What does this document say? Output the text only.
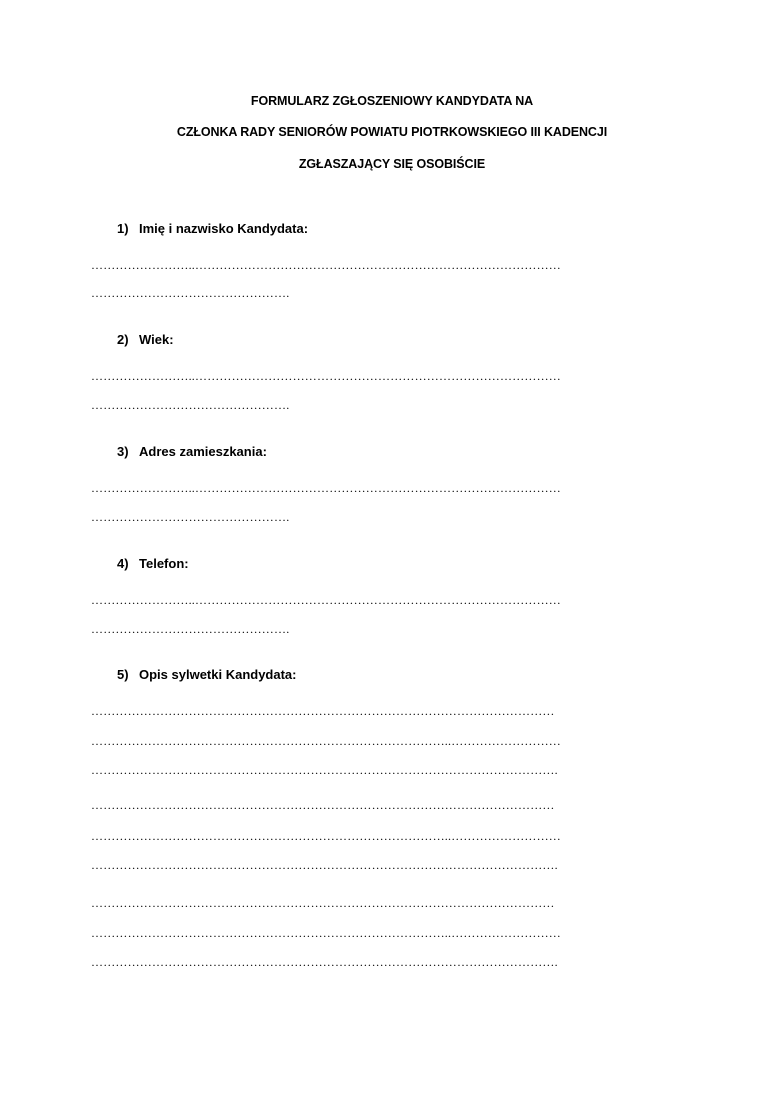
FORMULARZ ZGŁOSZENIOWY KANDYDATA NA
CZŁONKA RADY SENIORÓW POWIATU PIOTRKOWSKIEGO III KADENCJI
ZGŁASZAJĄCY SIĘ OSOBIŚCIE
1) Imię i nazwisko Kandydata:
……………………..………………………………………………………………………………
………………………………………….
2) Wiek:
……………………..………………………………………………………………………………
………………………………………….
3) Adres zamieszkania:
……………………..………………………………………………………………………………
………………………………………….
4) Telefon:
……………………..………………………………………………………………………………
………………………………………….
5) Opis sylwetki Kandydata:
……………………………………………………………………………………………………
……………………………………………………………………………..………………………
…………………………………………………………………………………………………….
……………………………………………………………………………………………………
……………………………………………………………………………..………………………
…………………………………………………………………………………………………….
……………………………………………………………………………………………………
……………………………………………………………………………..………………………
…………………………………………………………………………………………………….
